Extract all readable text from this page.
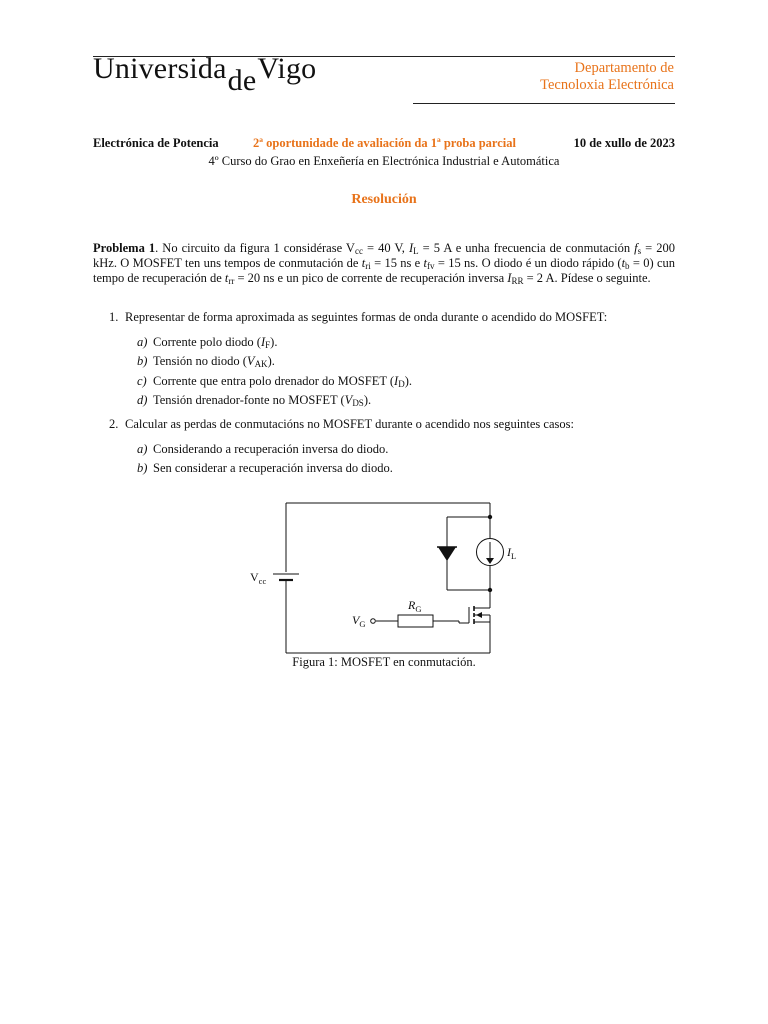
UniversidadeVigo	Departamento de
Tecnoloxia Electrónica
Electrónica de Potencia	2ª oportunidade de avaliación da 1ª proba parcial	10 de xullo de 2023
4º Curso do Grao en Enxeñería en Electrónica Industrial e Automática
Resolución
Problema 1. No circuito da figura 1 considérase $V_{cc} = 40$ V, $I_L = 5$ A e unha frecuencia de conmutación $f_s = 200$ kHz. O MOSFET ten uns tempos de conmutación de $t_{ri} = 15$ ns e $t_{fv} = 15$ ns. O diodo é un diodo rápido $(t_b = 0)$ cun tempo de recuperación de $t_{rr} = 20$ ns e un pico de corrente de recuperación inversa $I_{RR} = 2$ A. Pídese o seguinte.
1. Representar de forma aproximada as seguintes formas de onda durante o acendido do MOSFET:
a) Corrente polo diodo $(I_F)$.
b) Tensión no diodo $(V_{AK})$.
c) Corrente que entra polo drenador do MOSFET $(I_D)$.
d) Tensión drenador-fonte no MOSFET $(V_{DS})$.
2. Calcular as perdas de conmutacións no MOSFET durante o acendido nos seguintes casos:
a) Considerando a recuperación inversa do diodo.
b) Sen considerar a recuperación inversa do diodo.
$V_{cc}$
$I_L$
$R_G$
$V_G$
Figura 1: MOSFET en conmutación.
